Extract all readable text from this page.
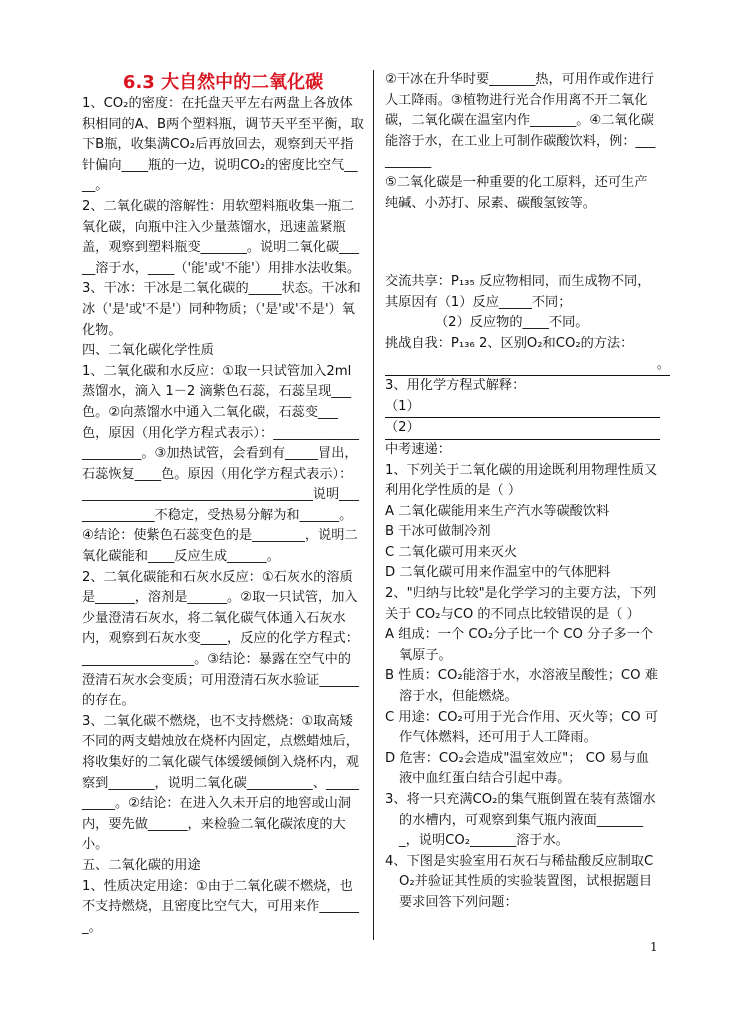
6.3 大自然中的二氧化碳

1、CO₂的密度：在托盘天平左右两盘上各放体积相同的A、B两个塑料瓶，调节天平至平衡，取下B瓶，收集满CO₂后再放回去，观察到天平指针偏向____瓶的一边，说明CO₂的密度比空气____。

2、二氧化碳的溶解性：用软塑料瓶收集一瓶二氧化碳，向瓶中注入少量蒸馏水，迅速盖紧瓶盖，观察到塑料瓶变_______。说明二氧化碳_____溶于水，____（'能'或'不能'）用排水法收集。

3、干冰：干冰是二氧化碳的_____状态。干冰和冰（'是'或'不是'）同种物质；（'是'或'不是'）氧化物。

四、二氧化碳化学性质

1、二氧化碳和水反应：①取一只试管加入2ml 蒸馏水，滴入 1－2 滴紫色石蕊，石蕊呈现___色。②向蒸馏水中通入二氧化碳，石蕊变___色，原因（用化学方程式表示）：______________________。③加热试管，会看到有_____冒出，石蕊恢复____色。原因（用化学方程式表示）：

___________________________________说明______________不稳定，受热易分解为和______。

④结论：使紫色石蕊变色的是________，说明二氧化碳能和____反应生成______。

2、二氧化碳能和石灰水反应：①石灰水的溶质是______，溶剂是______。②取一只试管，加入少量澄清石灰水，将二氧化碳气体通入石灰水内，观察到石灰水变____，反应的化学方程式：_________________。③结论：暴露在空气中的澄清石灰水会变质；可用澄清石灰水验证______的存在。

3、二氧化碳不燃烧，也不支持燃烧：①取高矮不同的两支蜡烛放在烧杯内固定，点燃蜡烛后，将收集好的二氧化碳气体缓缓倾倒入烧杯内，观察到_______，说明二氧化碳__________、__________。②结论：在进入久未开启的地窖或山洞内，要先做______，来检验二氧化碳浓度的大小。

五、二氧化碳的用途

1、性质决定用途：①由于二氧化碳不燃烧，也不支持燃烧，且密度比空气大，可用来作_______。

②干冰在升华时要_______热，可用作或作进行人工降雨。③植物进行光合作用离不开二氧化碳，二氧化碳在温室内作_______。④二氧化碳能溶于水，在工业上可制作碳酸饮料，例：__________

⑤二氧化碳是一种重要的化工原料，还可生产纯碱、小苏打、尿素、碳酸氢铵等。

交流共享：P₁₃₅ 反应物相同，而生成物不同，其原因有（1）反应_____不同；

（2）反应物的____不同。

挑战自我：P₁₃₆ 2、区别O₂和CO₂的方法：

。

3、用化学方程式解释：

（1）

（2）

中考速递：

1、下列关于二氧化碳的用途既利用物理性质又利用化学性质的是（ ）

A 二氧化碳能用来生产汽水等碳酸饮料

B 干冰可做制冷剂

C 二氧化碳可用来灭火

D 二氧化碳可用来作温室中的气体肥料

2、"归纳与比较"是化学学习的主要方法，下列关于 CO₂与CO 的不同点比较错误的是（ ）

A 组成：一个 CO₂分子比一个 CO 分子多一个氧原子。

B 性质：CO₂能溶于水，水溶液呈酸性；CO 难溶于水，但能燃烧。

C 用途：CO₂可用于光合作用、灭火等；CO 可作气体燃料，还可用于人工降雨。

D 危害：CO₂会造成"温室效应"； CO 易与血液中血红蛋白结合引起中毒。

3、将一只充满CO₂的集气瓶倒置在装有蒸馏水的水槽内，可观察到集气瓶内液面________，说明CO₂_______溶于水。

4、下图是实验室用石灰石与稀盐酸反应制取CO₂并验证其性质的实验装置图，试根据题目要求回答下列问题：

1
